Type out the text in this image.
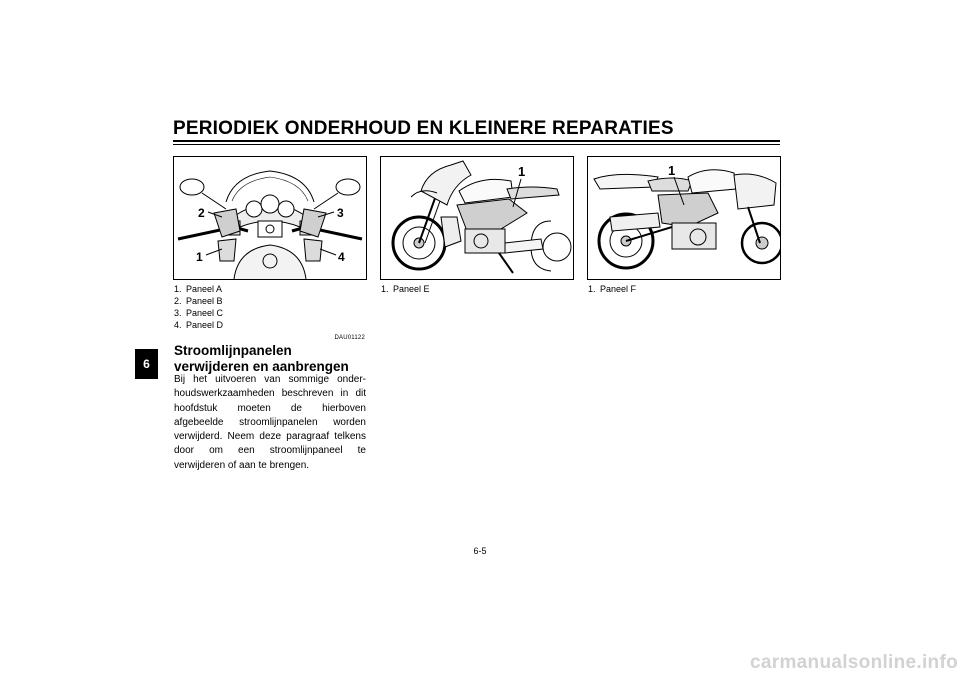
PERIODIEK ONDERHOUD EN KLEINERE REPARATIES
6
2	3
1	4
1	1
1. Paneel A
2. Paneel B
3. Paneel C
4. Paneel D
1. Paneel E	1. Paneel F
DAU01122
Stroomlijnpanelen verwijderen en aanbrengen

Bij het uitvoeren van sommige onderhoudswerkzaamheden beschreven in dit hoofdstuk moeten de hierboven afgebeelde stroomlijnpanelen worden verwijderd. Neem deze paragraaf telkens door om een stroomlijnpaneel te verwijderen of aan te brengen.

6-5
carmanualsonline.info
